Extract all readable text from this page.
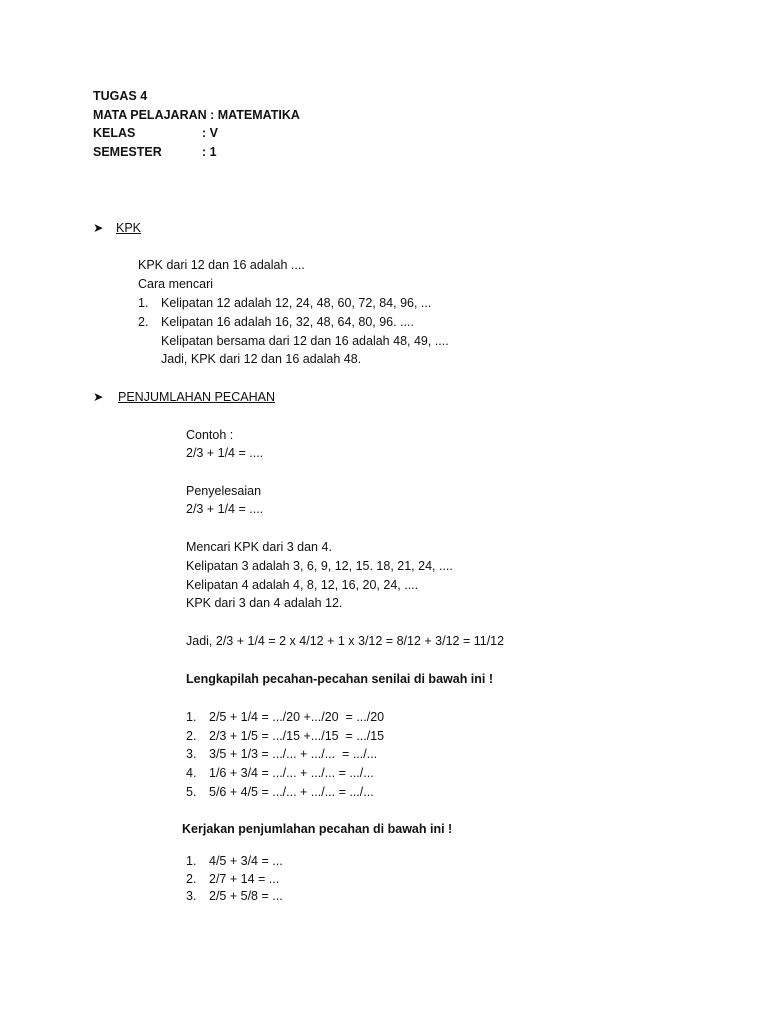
TUGAS 4
MATA PELAJARAN : MATEMATIKA
KELAS	: V
SEMESTER	: 1
➤ KPK
KPK dari 12 dan 16 adalah ....
Cara mencari
1. Kelipatan 12 adalah 12, 24, 48, 60, 72, 84, 96, ...
2. Kelipatan 16 adalah 16, 32, 48, 64, 80, 96. ....
Kelipatan bersama dari 12 dan 16 adalah 48, 49, ....
Jadi, KPK dari 12 dan 16 adalah 48.
➤ PENJUMLAHAN PECAHAN
Contoh :
2/3 + 1/4 = ....
Penyelesaian
2/3 + 1/4 = ....
Mencari KPK dari 3 dan 4.
Kelipatan 3 adalah 3, 6, 9, 12, 15. 18, 21, 24, ....
Kelipatan 4 adalah 4, 8, 12, 16, 20, 24, ....
KPK dari 3 dan 4 adalah 12.
Jadi, 2/3 + 1/4 = 2 x 4/12 + 1 x 3/12 = 8/12 + 3/12 = 11/12
Lengkapilah pecahan-pecahan senilai di bawah ini !
1. 2/5 + 1/4 = .../20 +.../20  = .../20
2. 2/3 + 1/5 = .../15 +.../15  = .../15
3. 3/5 + 1/3 = .../... + .../...  = .../...
4. 1/6 + 3/4 = .../... + .../... = .../...
5. 5/6 + 4/5 = .../... + .../... = .../...
Kerjakan penjumlahan pecahan di bawah ini !
1. 4/5 + 3/4 = ...
2. 2/7 + 14 = ...
3. 2/5 + 5/8 = ...
